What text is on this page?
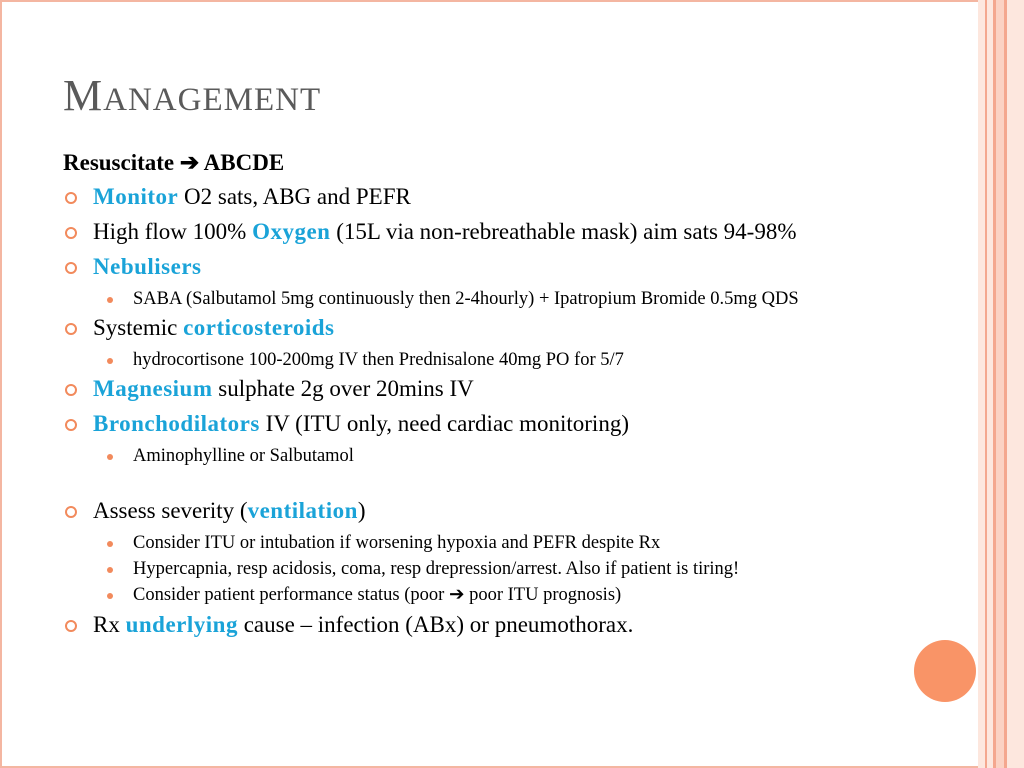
MANAGEMENT
Resuscitate ➔ ABCDE
Monitor O2 sats, ABG and PEFR
High flow 100% Oxygen (15L via non-rebreathable mask) aim sats 94-98%
Nebulisers
SABA (Salbutamol 5mg continuously then 2-4hourly) + Ipatropium Bromide 0.5mg QDS
Systemic corticosteroids
hydrocortisone 100-200mg IV then Prednisalone 40mg PO for 5/7
Magnesium sulphate 2g over 20mins IV
Bronchodilators IV (ITU only, need cardiac monitoring)
Aminophylline or Salbutamol
Assess severity (ventilation)
Consider ITU or intubation if worsening hypoxia and PEFR despite Rx
Hypercapnia, resp acidosis, coma, resp drepression/arrest. Also if patient is tiring!
Consider patient performance status (poor ➔ poor ITU prognosis)
Rx underlying cause – infection (ABx) or pneumothorax.
